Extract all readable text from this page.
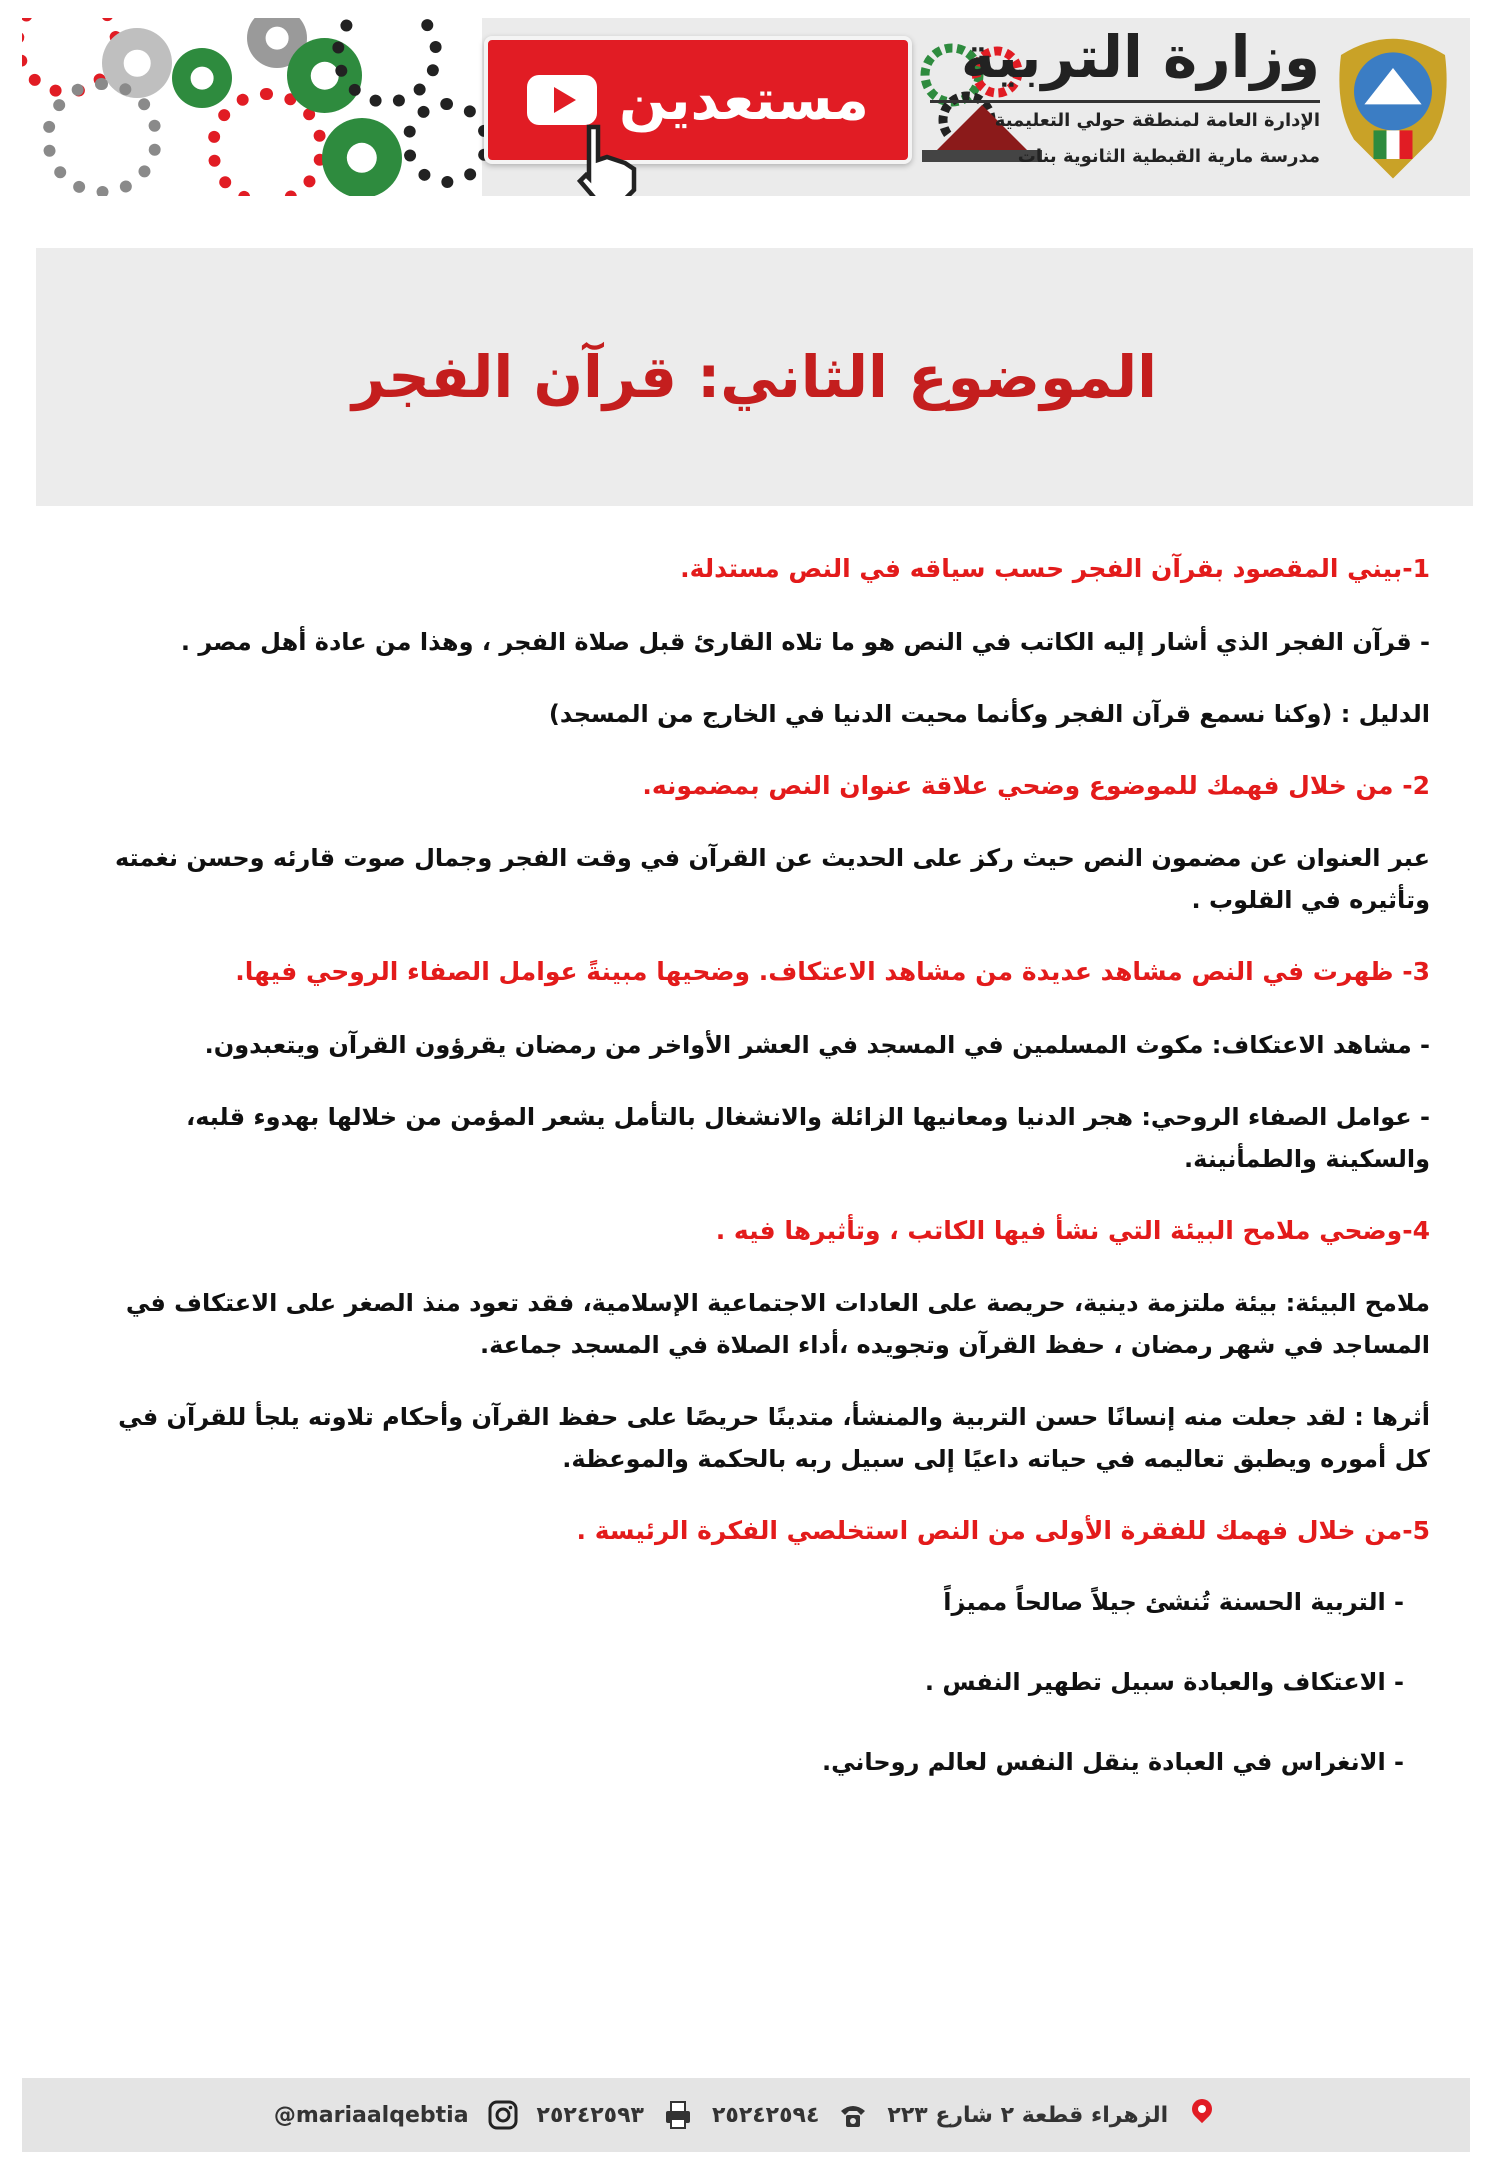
مستعدين
وزارة التربية
الإدارة العامة لمنطقة حولي التعليمية
مدرسة مارية القبطية الثانوية بنات
الموضوع الثاني: قرآن الفجر

1-بيني المقصود بقرآن الفجر حسب سياقه في النص مستدلة.

- قرآن الفجر الذي أشار إليه الكاتب في النص هو ما تلاه القارئ قبل صلاة الفجر ، وهذا من عادة أهل مصر .

الدليل : (وكنا نسمع قرآن الفجر وكأنما محيت الدنيا في الخارج من المسجد)

2- من خلال فهمك للموضوع وضحي علاقة عنوان النص بمضمونه.

عبر العنوان عن مضمون النص حيث ركز على الحديث عن القرآن في وقت الفجر وجمال صوت قارئه وحسن نغمته وتأثيره في القلوب .

3- ظهرت في النص مشاهد عديدة من مشاهد الاعتكاف. وضحيها مبينةً عوامل الصفاء الروحي فيها.

- مشاهد الاعتكاف: مكوث المسلمين في المسجد في العشر الأواخر من رمضان يقرؤون القرآن ويتعبدون.

- عوامل الصفاء الروحي: هجر الدنيا ومعانيها الزائلة والانشغال بالتأمل يشعر المؤمن من خلالها بهدوء قلبه، والسكينة والطمأنينة.

4-وضحي ملامح البيئة التي نشأ فيها الكاتب ، وتأثيرها فيه .

ملامح البيئة: بيئة ملتزمة دينية، حريصة على العادات الاجتماعية الإسلامية، فقد تعود منذ الصغر على الاعتكاف في المساجد في شهر رمضان ، حفظ القرآن وتجويده ،أداء الصلاة في المسجد جماعة.

أثرها : لقد جعلت منه إنسانًا حسن التربية والمنشأ، متدينًا حريصًا على حفظ القرآن وأحكام تلاوته يلجأ للقرآن في كل أموره ويطبق تعاليمه في حياته داعيًا إلى سبيل ربه بالحكمة والموعظة.

5-من خلال فهمك للفقرة الأولى من النص استخلصي الفكرة الرئيسة .

- التربية الحسنة تُنشئ جيلاً صالحاً مميزاً
- الاعتكاف والعبادة سبيل تطهير النفس .
- الانغراس في العبادة ينقل النفس لعالم روحاني.
الزهراء قطعة ٢ شارع ٢٢٣
٢٥٢٤٢٥٩٤
٢٥٢٤٢٥٩٣
@mariaalqebtia
